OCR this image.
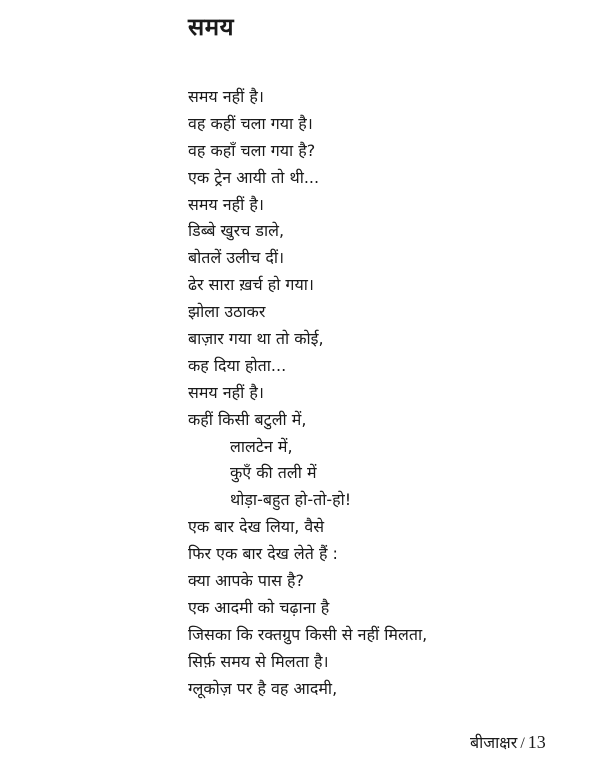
समय
समय नहीं है।
वह कहीं चला गया है।
वह कहाँ चला गया है?
एक ट्रेन आयी तो थी...
समय नहीं है।
डिब्बे खुरच डाले,
बोतलें उलीच दीं।
ढेर सारा ख़र्च हो गया।
झोला उठाकर
बाज़ार गया था तो कोई,
कह दिया होता...
समय नहीं है।
कहीं किसी बटुली में,
लालटेन में,
कुएँ की तली में
थोड़ा-बहुत हो-तो-हो!
एक बार देख लिया, वैसे
फिर एक बार देख लेते हैं :
क्या आपके पास है?
एक आदमी को चढ़ाना है
जिसका कि रक्तग्रुप किसी से नहीं मिलता,
सिर्फ़ समय से मिलता है।
ग्लूकोज़ पर है वह आदमी,
बीजाक्षर / 13
